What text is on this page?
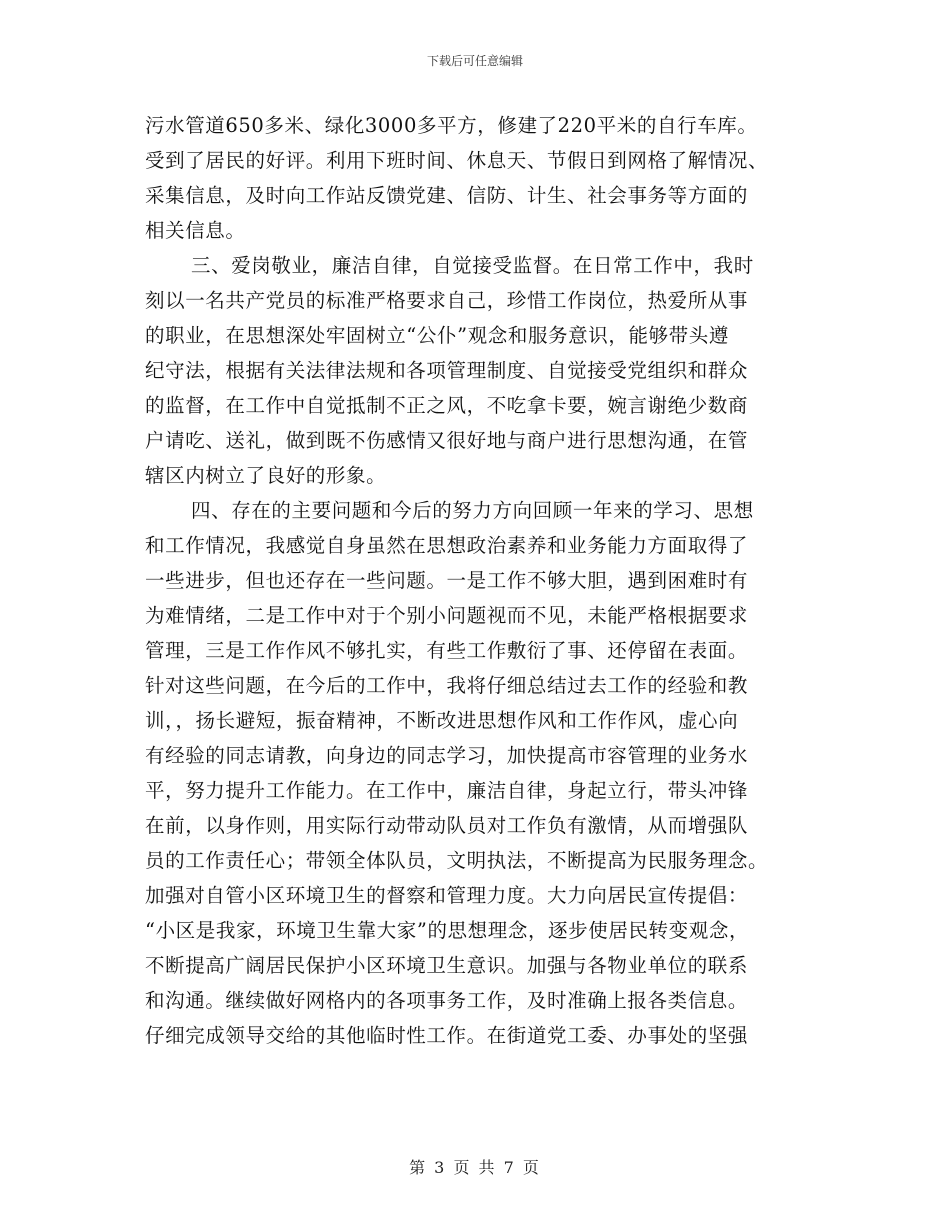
下载后可任意编辑
污水管道650多米、绿化3000多平方，修建了220平米的自行车库。
受到了居民的好评。利用下班时间、休息天、节假日到网格了解情况、
采集信息，及时向工作站反馈党建、信防、计生、社会事务等方面的
相关信息。
三、爱岗敬业，廉洁自律，自觉接受监督。在日常工作中，我时
刻以一名共产党员的标准严格要求自己，珍惜工作岗位，热爱所从事
的职业，在思想深处牢固树立“公仆”观念和服务意识，能够带头遵
纪守法，根据有关法律法规和各项管理制度、自觉接受党组织和群众
的监督，在工作中自觉抵制不正之风，不吃拿卡要，婉言谢绝少数商
户请吃、送礼，做到既不伤感情又很好地与商户进行思想沟通，在管
辖区内树立了良好的形象。
四、存在的主要问题和今后的努力方向回顾一年来的学习、思想
和工作情况，我感觉自身虽然在思想政治素养和业务能力方面取得了
一些进步，但也还存在一些问题。一是工作不够大胆，遇到困难时有
为难情绪，二是工作中对于个别小问题视而不见，未能严格根据要求
管理，三是工作作风不够扎实，有些工作敷衍了事、还停留在表面。
针对这些问题，在今后的工作中，我将仔细总结过去工作的经验和教
训，，扬长避短，振奋精神，不断改进思想作风和工作作风，虚心向
有经验的同志请教，向身边的同志学习，加快提高市容管理的业务水
平，努力提升工作能力。在工作中，廉洁自律，身起立行，带头冲锋
在前，以身作则，用实际行动带动队员对工作负有激情，从而增强队
员的工作责任心；带领全体队员，文明执法，不断提高为民服务理念。
加强对自管小区环境卫生的督察和管理力度。大力向居民宣传提倡：
“小区是我家，环境卫生靠大家”的思想理念，逐步使居民转变观念，
不断提高广阔居民保护小区环境卫生意识。加强与各物业单位的联系
和沟通。继续做好网格内的各项事务工作，及时准确上报各类信息。
仔细完成领导交给的其他临时性工作。在街道党工委、办事处的坚强
第 3 页 共 7 页
